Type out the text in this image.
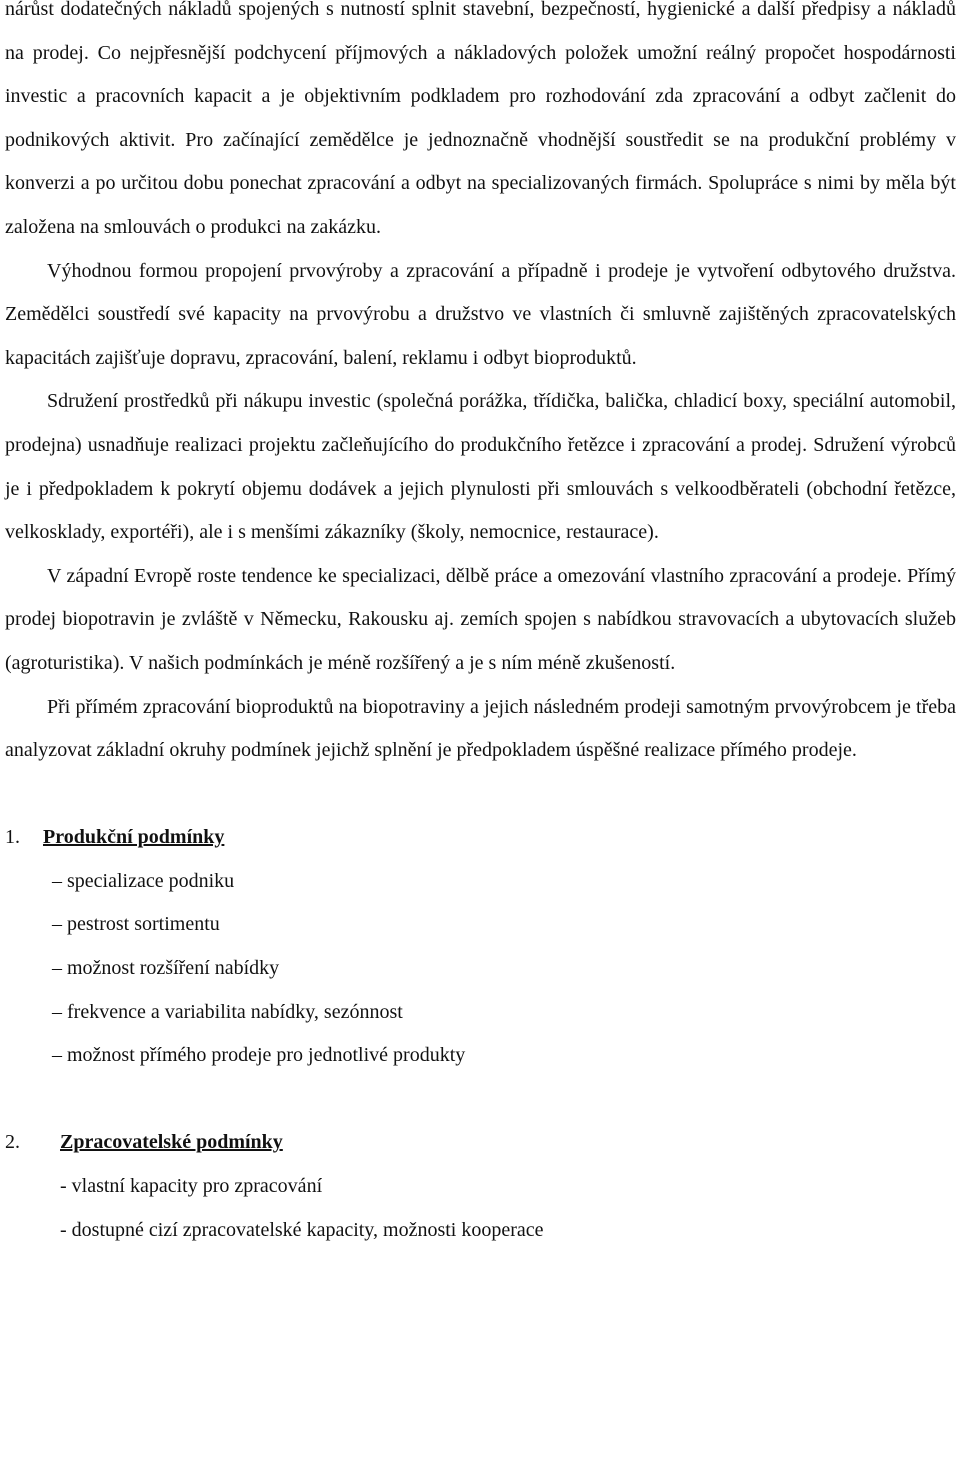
nárůst dodatečných nákladů spojených s nutností splnit stavební, bezpečností, hygienické a další předpisy a nákladů na prodej. Co nejpřesnější podchycení příjmových a nákladových položek umožní reálný propočet hospodárnosti investic a pracovních kapacit a je objektivním podkladem pro rozhodování zda zpracování a odbyt začlenit do podnikových aktivit. Pro začínající zemědělce je jednoznačně vhodnější soustředit se na produkční problémy v konverzi a po určitou dobu ponechat zpracování a odbyt na specializovaných firmách. Spolupráce s nimi by měla být založena na smlouvách o produkci na zakázku.

Výhodnou formou propojení prvovýroby a zpracování a případně i prodeje je vytvoření odbytového družstva. Zemědělci soustředí své kapacity na prvovýrobu a družstvo ve vlastních či smluvně zajištěných zpracovatelských kapacitách zajišťuje dopravu, zpracování, balení, reklamu i odbyt bioproduktů.

Sdružení prostředků při nákupu investic (společná porážka, třídička, balička, chladicí boxy, speciální automobil, prodejna) usnadňuje realizaci projektu začleňujícího do produkčního řetězce i zpracování a prodej. Sdružení výrobců je i předpokladem k pokrytí objemu dodávek a jejich plynulosti při smlouvách s velkoodběrateli (obchodní řetězce, velkosklady, exportéři), ale i s menšími zákazníky (školy, nemocnice, restaurace).

V západní Evropě roste tendence ke specializaci, dělbě práce a omezování vlastního zpracování a prodeje. Přímý prodej biopotravin je zvláště v Německu, Rakousku aj. zemích spojen s nabídkou stravovacích a ubytovacích služeb (agroturistika). V našich podmínkách je méně rozšířený a je s ním méně zkušeností.

Při přímém zpracování bioproduktů na biopotraviny a jejich následném prodeji samotným prvovýrobcem je třeba analyzovat základní okruhy podmínek jejichž splnění je předpokladem úspěšné realizace přímého prodeje.

1.	Produkční podmínky
– specializace podniku
– pestrost sortimentu
– možnost rozšíření nabídky
– frekvence a variabilita nabídky, sezónnost
– možnost přímého prodeje pro jednotlivé produkty
2.	Zpracovatelské podmínky
- vlastní kapacity pro zpracování
- dostupné cizí zpracovatelské kapacity, možnosti kooperace
